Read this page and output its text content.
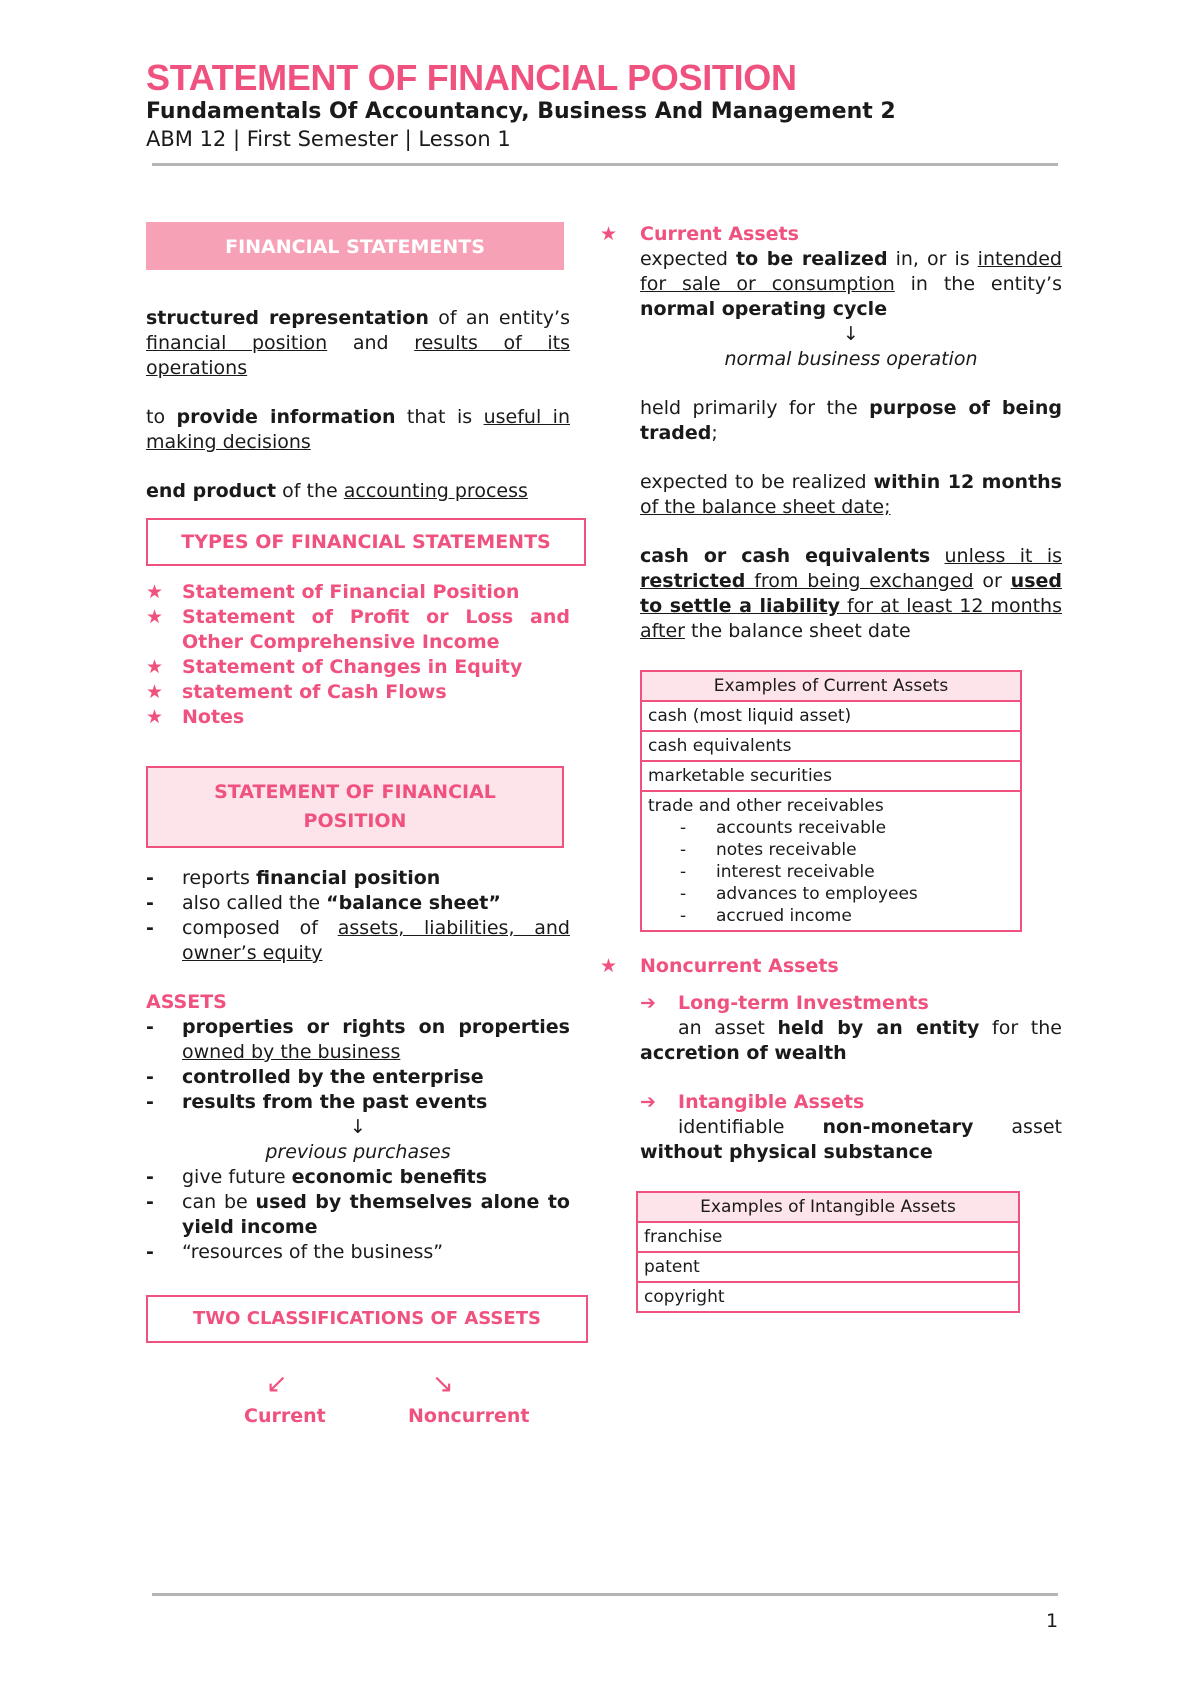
STATEMENT OF FINANCIAL POSITION
Fundamentals Of Accountancy, Business And Management 2
ABM 12 | First Semester | Lesson 1
FINANCIAL STATEMENTS

structured representation of an entity’s financial position and results of its operations

to provide information that is useful in making decisions

end product of the accounting process

TYPES OF FINANCIAL STATEMENTS
★ Statement of Financial Position
★ Statement of Profit or Loss and Other Comprehensive Income
★ Statement of Changes in Equity
★ statement of Cash Flows
★ Notes
STATEMENT OF FINANCIAL POSITION
- reports financial position
- also called the “balance sheet”
- composed of assets, liabilities, and owner’s equity
ASSETS
- properties or rights on properties owned by the business
- controlled by the enterprise
- results from the past events
↓
previous purchases
- give future economic benefits
- can be used by themselves alone to yield income
- “resources of the business”
TWO CLASSIFICATIONS OF ASSETS
↙	↘
Current	Noncurrent
★ Current Assets

expected to be realized in, or is intended for sale or consumption in the entity’s normal operating cycle

↓
normal business operation

held primarily for the purpose of being traded;

expected to be realized within 12 months of the balance sheet date;

cash or cash equivalents unless it is restricted from being exchanged or used to settle a liability for at least 12 months after the balance sheet date

Examples of Current Assets
cash (most liquid asset)
cash equivalents
marketable securities

trade and other receivables
- accounts receivable
- notes receivable
- interest receivable
- advances to employees
- accrued income
★ Noncurrent Assets
➔ Long-term Investments

an asset held by an entity for the accretion of wealth

➔ Intangible Assets

identifiable non-monetary asset without physical substance

Examples of Intangible Assets
franchise
patent
copyright
1
